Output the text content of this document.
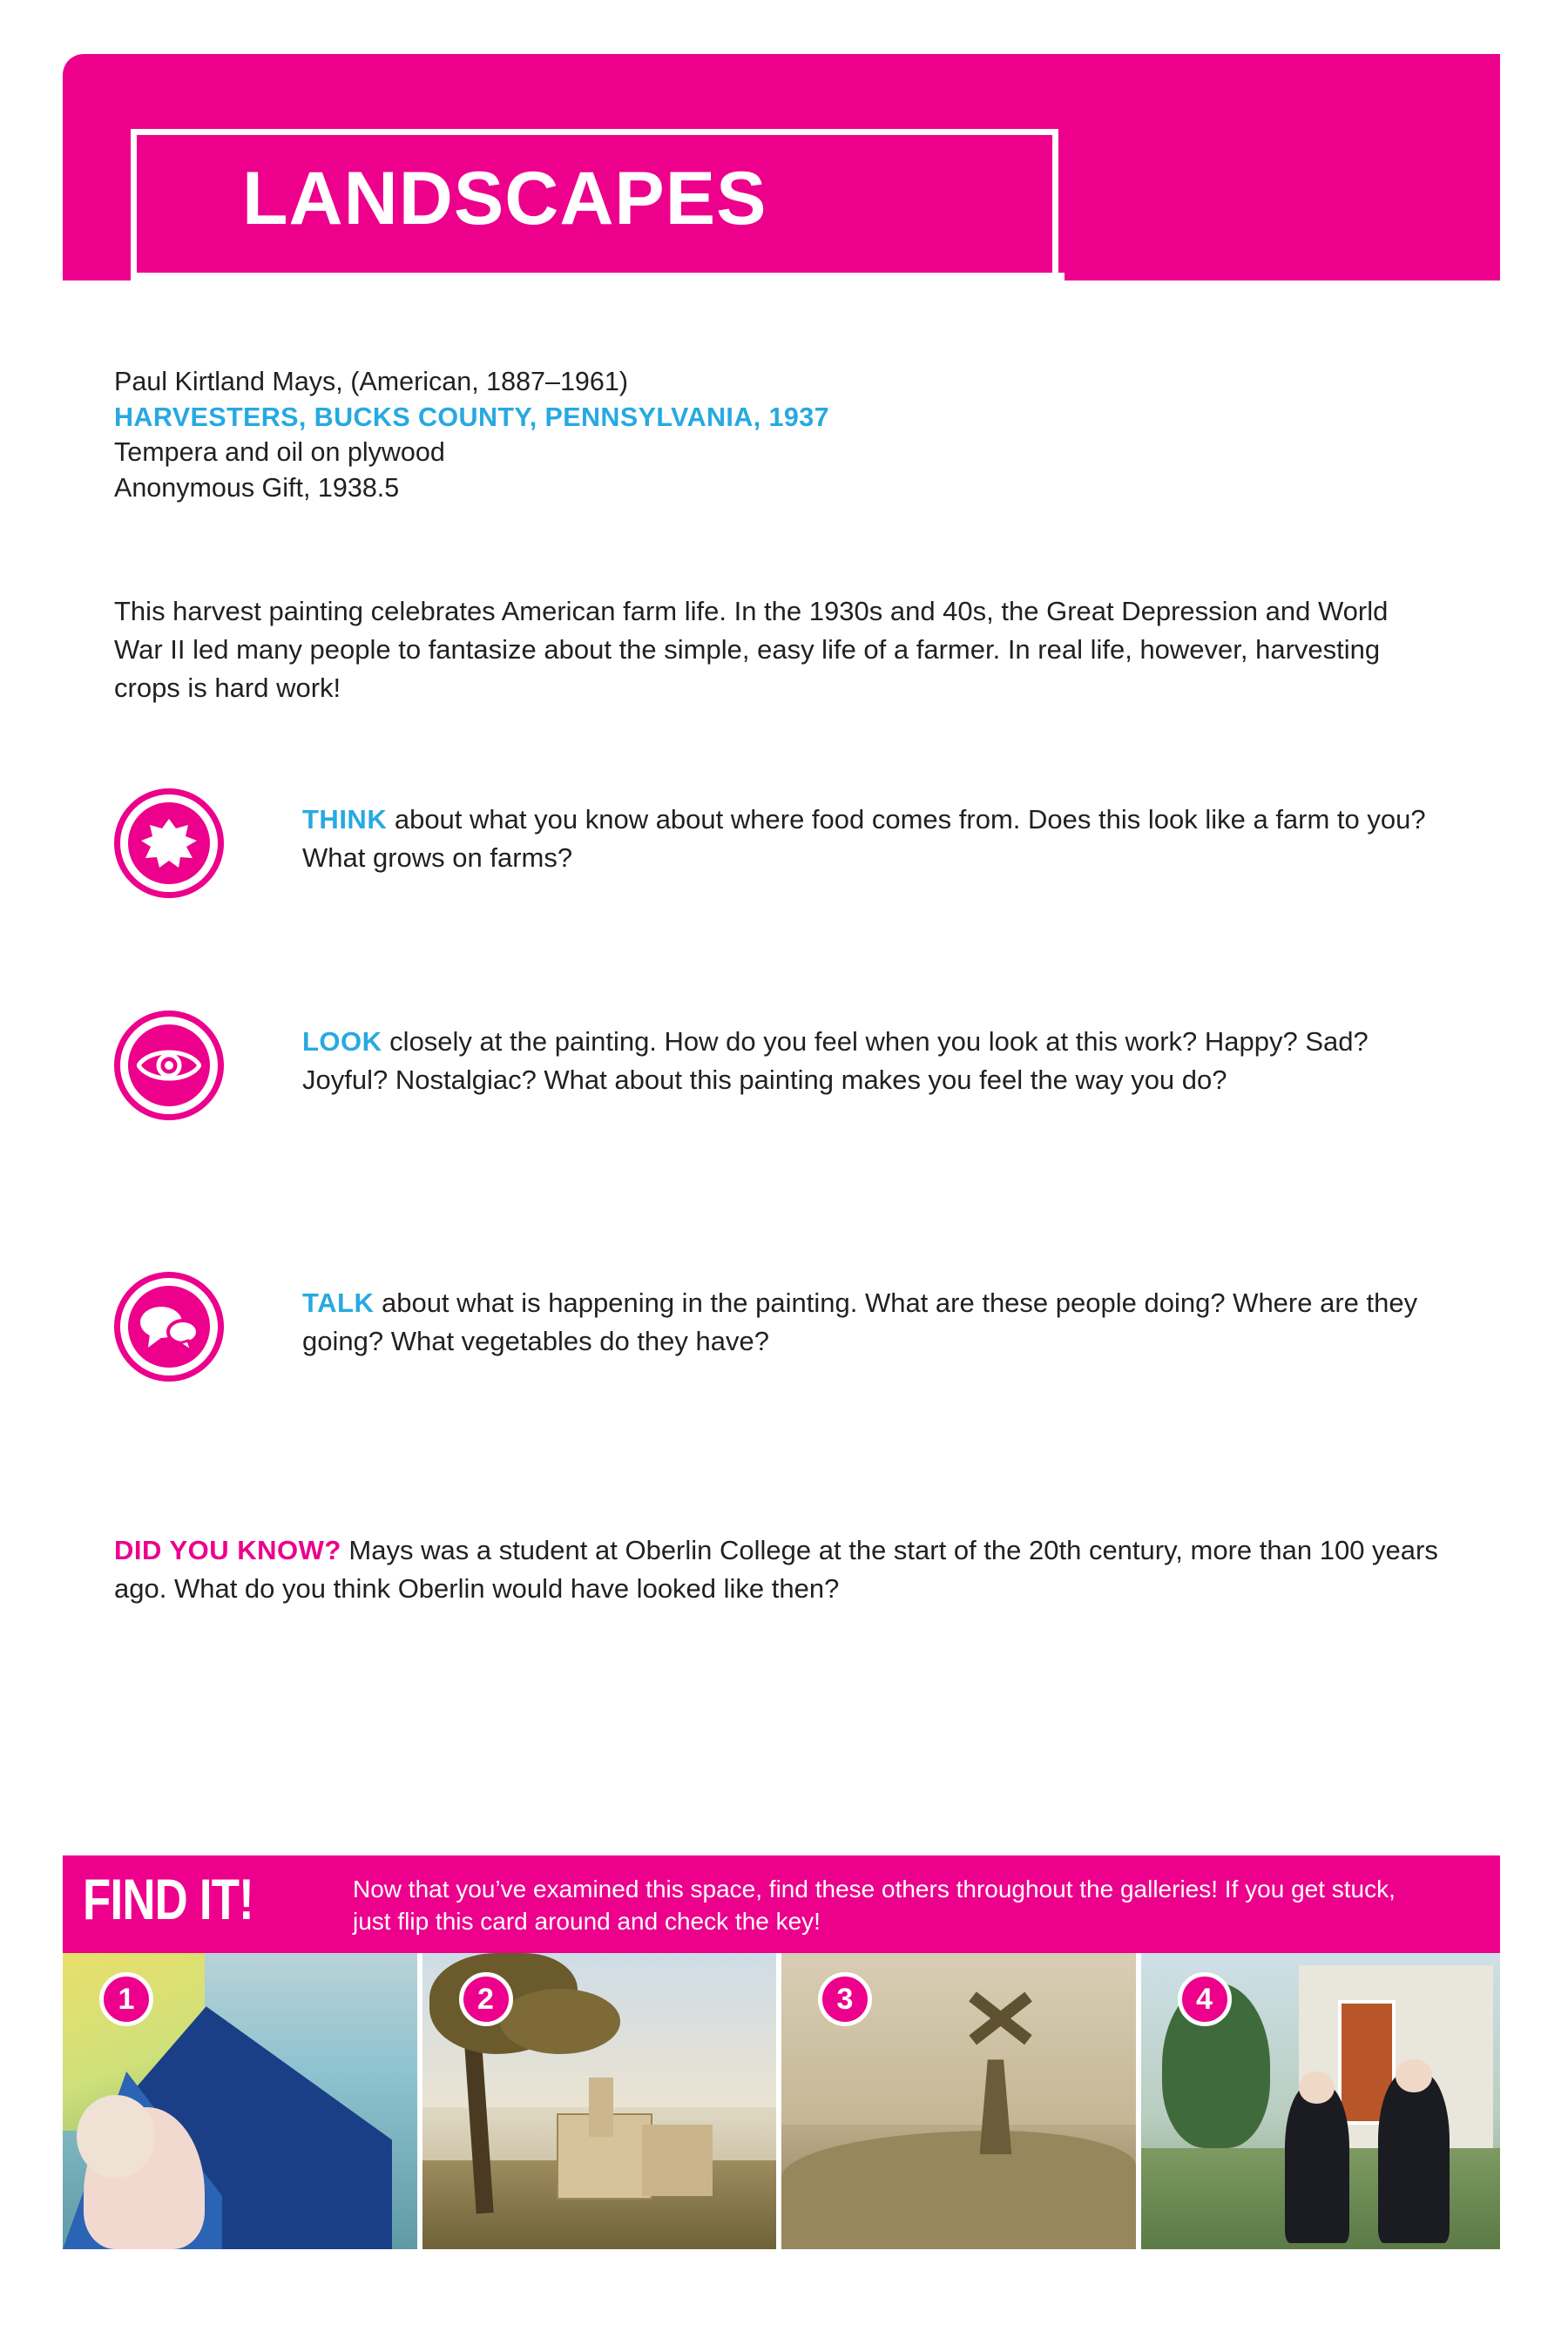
LANDSCAPES
Paul Kirtland Mays, (American, 1887–1961)
HARVESTERS, BUCKS COUNTY, PENNSYLVANIA, 1937
Tempera and oil on plywood
Anonymous Gift, 1938.5
This harvest painting celebrates American farm life. In the 1930s and 40s, the Great Depression and World War II led many people to fantasize about the simple, easy life of a farmer. In real life, however, harvesting crops is hard work!
THINK about what you know about where food comes from. Does this look like a farm to you? What grows on farms?
LOOK closely at the painting. How do you feel when you look at this work? Happy? Sad? Joyful? Nostalgiac? What about this painting makes you feel the way you do?
TALK about what is happening in the painting. What are these people doing? Where are they going? What vegetables do they have?
DID YOU KNOW? Mays was a student at Oberlin College at the start of the 20th century, more than 100 years ago. What do you think Oberlin would have looked like then?
FIND IT!	Now that you’ve examined this space, find these others throughout the galleries! If you get stuck, just flip this card around and check the key!
1	2	3	4
